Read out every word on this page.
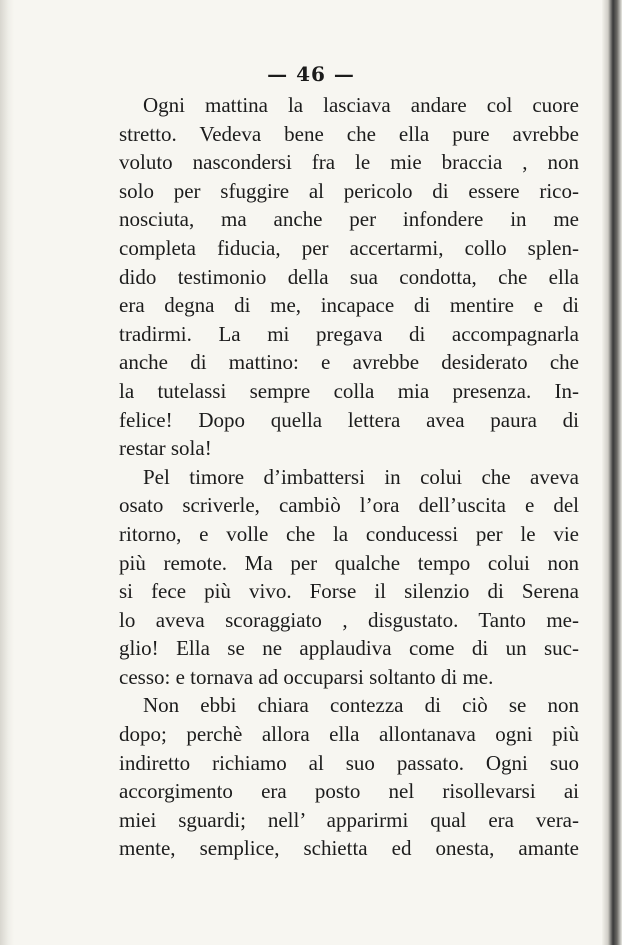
— 46 —
Ogni mattina la lasciava andare col cuore
stretto. Vedeva bene che ella pure avrebbe
voluto nascondersi fra le mie braccia , non
solo per sfuggire al pericolo di essere rico-
nosciuta, ma anche per infondere in me
completa fiducia, per accertarmi, collo splen-
dido testimonio della sua condotta, che ella
era degna di me, incapace di mentire e di
tradirmi. La mi pregava di accompagnarla
anche di mattino: e avrebbe desiderato che
la tutelassi sempre colla mia presenza. In-
felice! Dopo quella lettera avea paura di
restar sola!
Pel timore d’imbattersi in colui che aveva
osato scriverle, cambiò l’ora dell’uscita e del
ritorno, e volle che la conducessi per le vie
più remote. Ma per qualche tempo colui non
si fece più vivo. Forse il silenzio di Serena
lo aveva scoraggiato , disgustato. Tanto me-
glio! Ella se ne applaudiva come di un suc-
cesso: e tornava ad occuparsi soltanto di me.
Non ebbi chiara contezza di ciò se non
dopo; perchè allora ella allontanava ogni più
indiretto richiamo al suo passato. Ogni suo
accorgimento era posto nel risollevarsi ai
miei sguardi; nell’ apparirmi qual era vera-
mente, semplice, schietta ed onesta, amante
